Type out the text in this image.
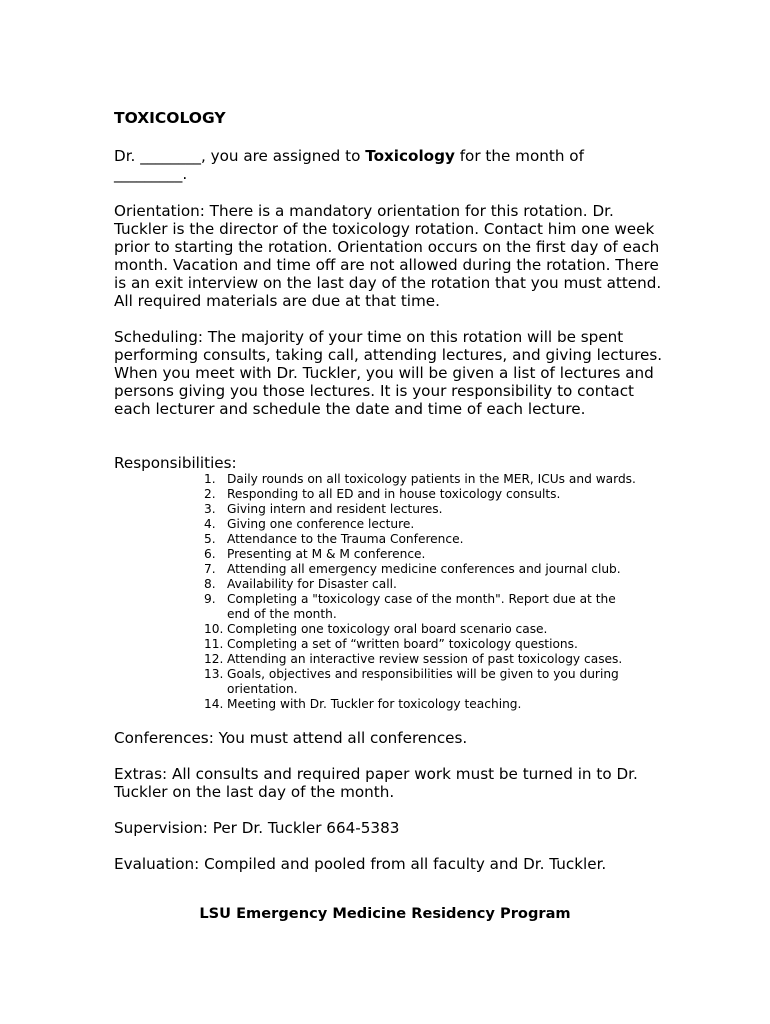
TOXICOLOGY
Dr. ________, you are assigned to Toxicology for the month of
_________.
Orientation: There is a mandatory orientation for this rotation. Dr. Tuckler is the director of the toxicology rotation. Contact him one week prior to starting the rotation. Orientation occurs on the first day of each month. Vacation and time off are not allowed during the rotation. There is an exit interview on the last day of the rotation that you must attend. All required materials are due at that time.
Scheduling: The majority of your time on this rotation will be spent performing consults, taking call, attending lectures, and giving lectures. When you meet with Dr. Tuckler, you will be given a list of lectures and persons giving you those lectures. It is your responsibility to contact each lecturer and schedule the date and time of each lecture.
Responsibilities:
1. Daily rounds on all toxicology patients in the MER, ICUs and wards.
2. Responding to all ED and in house toxicology consults.
3. Giving intern and resident lectures.
4. Giving one conference lecture.
5. Attendance to the Trauma Conference.
6. Presenting at M & M conference.
7. Attending all emergency medicine conferences and journal club.
8. Availability for Disaster call.
9. Completing a "toxicology case of the month". Report due at the end of the month.
10. Completing one toxicology oral board scenario case.
11. Completing a set of “written board” toxicology questions.
12. Attending an interactive review session of past toxicology cases.
13. Goals, objectives and responsibilities will be given to you during orientation.
14. Meeting with Dr. Tuckler for toxicology teaching.
Conferences: You must attend all conferences.
Extras: All consults and required paper work must be turned in to Dr. Tuckler on the last day of the month.
Supervision: Per Dr. Tuckler 664-5383
Evaluation: Compiled and pooled from all faculty and Dr. Tuckler.
LSU Emergency Medicine Residency Program
